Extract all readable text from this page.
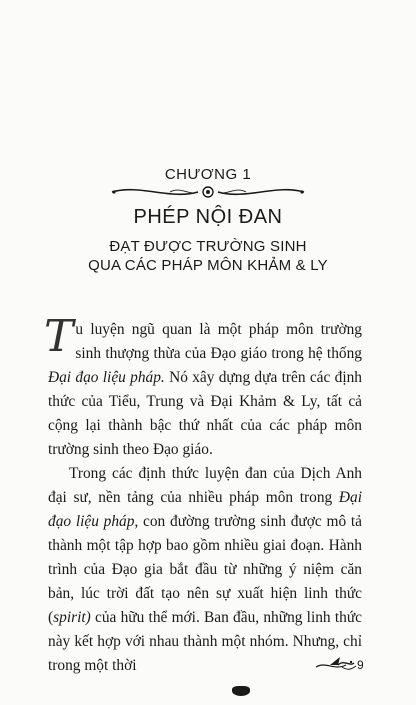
CHƯƠNG 1
PHÉP NỘI ĐAN
ĐẠT ĐƯỢC TRƯỜNG SINH
QUA CÁC PHÁP MÔN KHẢM & LY

Tu luyện ngũ quan là một pháp môn trường sinh thượng thừa của Đạo giáo trong hệ thống Đại đạo liệu pháp. Nó xây dựng dựa trên các định thức của Tiểu, Trung và Đại Khảm & Ly, tất cả cộng lại thành bậc thứ nhất của các pháp môn trường sinh theo Đạo giáo.

Trong các định thức luyện đan của Dịch Anh đại sư, nền tảng của nhiều pháp môn trong Đại đạo liệu pháp, con đường trường sinh được mô tả thành một tập hợp bao gồm nhiều giai đoạn. Hành trình của Đạo gia bắt đầu từ những ý niệm căn bản, lúc trời đất tạo nên sự xuất hiện linh thức (spirit) của hữu thể mới. Ban đầu, những linh thức này kết hợp với nhau thành một nhóm. Nhưng, chỉ trong một thời	9
